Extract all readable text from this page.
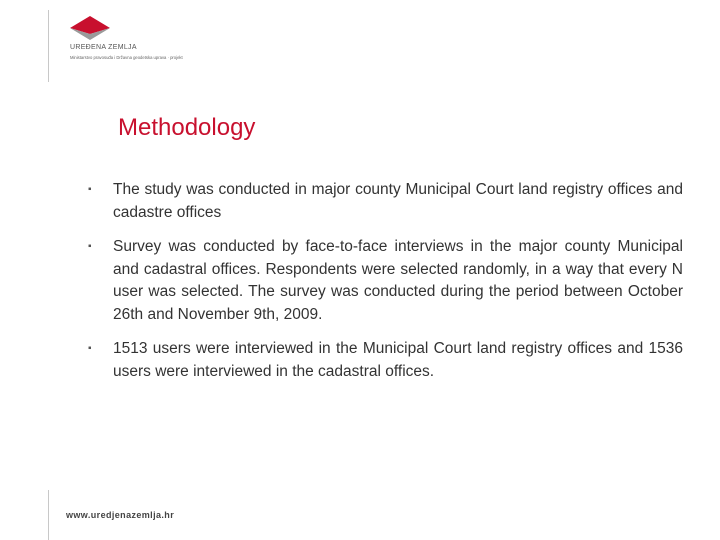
UREĐENA ZEMLJA
Ministarstvo pravosuđa i Državna geodetska uprava · projekt
Methodology
▪ The study was conducted in major county Municipal Court land registry offices and cadastre offices
▪ Survey was conducted by face-to-face interviews in the major county Municipal and cadastral offices. Respondents were selected randomly, in a way that every N user was selected. The survey was conducted during the period between October 26th and November 9th, 2009.
▪ 1513 users were interviewed in the Municipal Court land registry offices and 1536 users were interviewed in the cadastral offices.
www.uredjenazemlja.hr
